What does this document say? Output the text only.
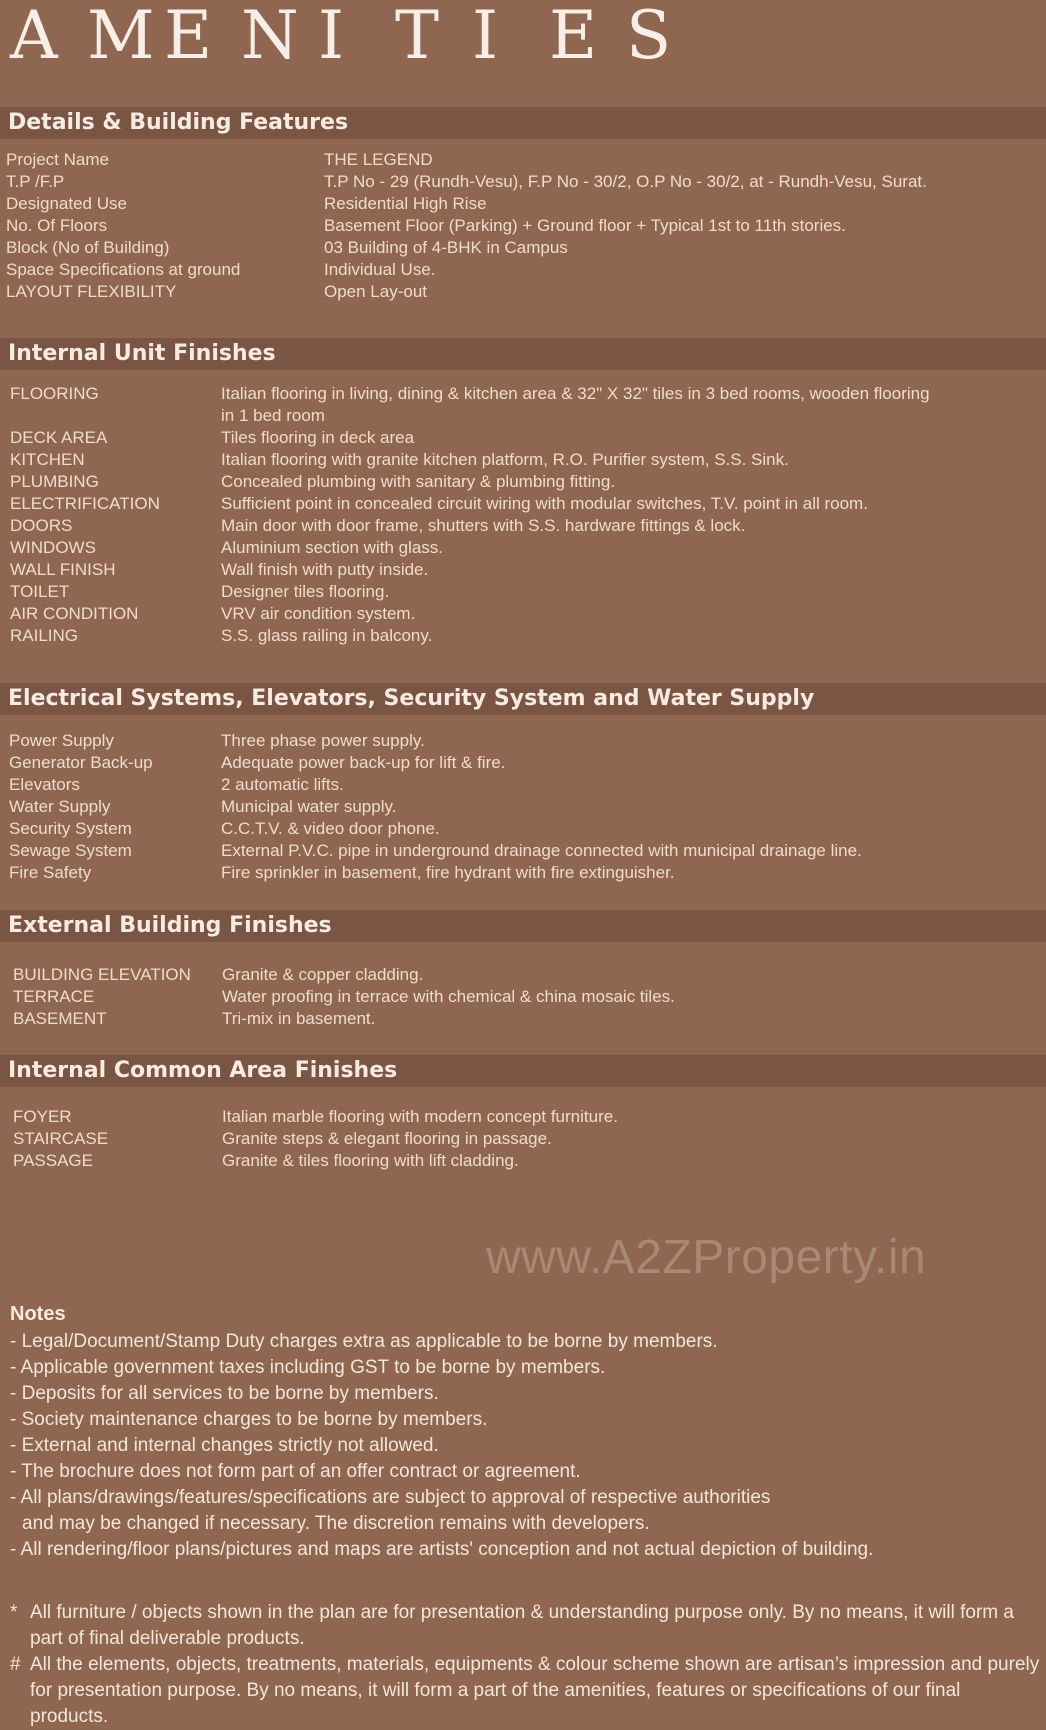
A M E N I T I E S
Details & Building Features
Project Name	THE LEGEND
T.P /F.P	T.P No - 29 (Rundh-Vesu), F.P No - 30/2, O.P No - 30/2, at - Rundh-Vesu, Surat.
Designated Use	Residential High Rise
No. Of Floors	Basement Floor (Parking) + Ground floor + Typical 1st to 11th stories.
Block (No of Building)	03 Building of 4-BHK in Campus
Space Specifications at ground	Individual Use.
LAYOUT FLEXIBILITY	Open Lay-out
Internal Unit Finishes
FLOORING	Italian flooring in living, dining & kitchen area & 32" X 32" tiles in 3 bed rooms, wooden flooring in 1 bed room
DECK AREA	Tiles flooring in deck area
KITCHEN	Italian flooring with granite kitchen platform, R.O. Purifier system, S.S. Sink.
PLUMBING	Concealed plumbing with sanitary & plumbing fitting.
ELECTRIFICATION	Sufficient point in concealed circuit wiring with modular switches, T.V. point in all room.
DOORS	Main door with door frame, shutters with S.S. hardware fittings & lock.
WINDOWS	Aluminium section with glass.
WALL FINISH	Wall finish with putty inside.
TOILET	Designer tiles flooring.
AIR CONDITION	VRV air condition system.
RAILING	S.S. glass railing in balcony.
Electrical Systems, Elevators, Security System and Water Supply
Power Supply	Three phase power supply.
Generator Back-up	Adequate power back-up for lift & fire.
Elevators	2 automatic lifts.
Water Supply	Municipal water supply.
Security System	C.C.T.V. & video door phone.
Sewage System	External P.V.C. pipe in underground drainage connected with municipal drainage line.
Fire Safety	Fire sprinkler in basement, fire hydrant with fire extinguisher.
External Building Finishes
BUILDING ELEVATION Granite & copper cladding.
TERRACE	Water proofing in terrace with chemical & china mosaic tiles.
BASEMENT	Tri-mix in basement.
Internal Common Area Finishes
FOYER	Italian marble flooring with modern concept furniture.
STAIRCASE	Granite steps & elegant flooring in passage.
PASSAGE	Granite & tiles flooring with lift cladding.
www.A2ZProperty.in
Notes
- Legal/Document/Stamp Duty charges extra as applicable to be borne by members.
- Applicable government taxes including GST to be borne by members.
- Deposits for all services to be borne by members.
- Society maintenance charges to be borne by members.
- External and internal changes strictly not allowed.
- The brochure does not form part of an offer contract or agreement.
- All plans/drawings/features/specifications are subject to approval of respective authorities
and may be changed if necessary. The discretion remains with developers.
- All rendering/floor plans/pictures and maps are artists' conception and not actual depiction of building.
* All furniture / objects shown in the plan are for presentation & understanding purpose only. By no means, it will form a part of final deliverable products.
# All the elements, objects, treatments, materials, equipments & colour scheme shown are artisan’s impression and purely for presentation purpose. By no means, it will form a part of the amenities, features or specifications of our final products.
